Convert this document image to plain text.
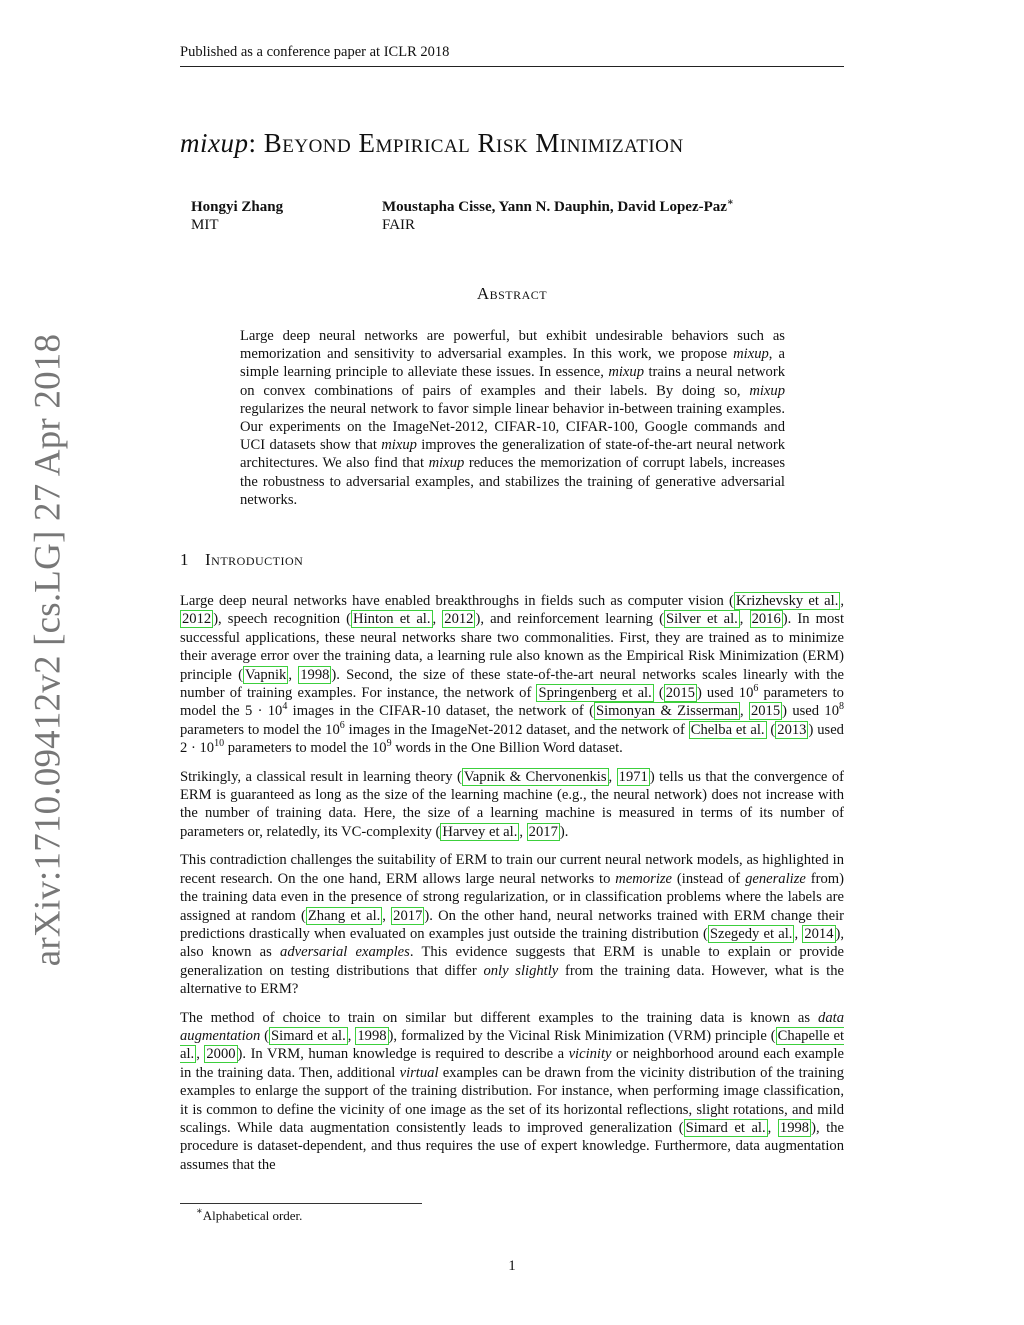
Published as a conference paper at ICLR 2018
arXiv:1710.09412v2 [cs.LG] 27 Apr 2018
mixup: Beyond Empirical Risk Minimization
Hongyi Zhang
MIT
Moustapha Cisse, Yann N. Dauphin, David Lopez-Paz∗
FAIR
Abstract

Large deep neural networks are powerful, but exhibit undesirable behaviors such as memorization and sensitivity to adversarial examples. In this work, we propose mixup, a simple learning principle to alleviate these issues. In essence, mixup trains a neural network on convex combinations of pairs of examples and their labels. By doing so, mixup regularizes the neural network to favor simple linear behavior in-between training examples. Our experiments on the ImageNet-2012, CIFAR-10, CIFAR-100, Google commands and UCI datasets show that mixup improves the generalization of state-of-the-art neural network architectures. We also find that mixup reduces the memorization of corrupt labels, increases the robustness to adversarial examples, and stabilizes the training of generative adversarial networks.

1 Introduction

Large deep neural networks have enabled breakthroughs in fields such as computer vision ( Krizhevsky et al. , 2012 ), speech recognition ( Hinton et al. , 2012 ), and reinforcement learning ( Silver et al. , 2016 ). In most successful applications, these neural networks share two commonalities. First, they are trained as to minimize their average error over the training data, a learning rule also known as the Empirical Risk Minimization (ERM) principle ( Vapnik , 1998 ). Second, the size of these state-of-the-art neural networks scales linearly with the number of training examples. For instance, the network of Springenberg et al. ( 2015 ) used $10^6$ parameters to model the $5 \cdot 10^4$ images in the CIFAR-10 dataset, the network of ( Simonyan & Zisserman , 2015 ) used $10^8$ parameters to model the $10^6$ images in the ImageNet-2012 dataset, and the network of Chelba et al. ( 2013 ) used $2 \cdot 10^{10}$ parameters to model the $10^9$ words in the One Billion Word dataset.

Strikingly, a classical result in learning theory ( Vapnik & Chervonenkis , 1971 ) tells us that the convergence of ERM is guaranteed as long as the size of the learning machine (e.g., the neural network) does not increase with the number of training data. Here, the size of a learning machine is measured in terms of its number of parameters or, relatedly, its VC-complexity ( Harvey et al. , 2017 ).

This contradiction challenges the suitability of ERM to train our current neural network models, as highlighted in recent research. On the one hand, ERM allows large neural networks to memorize (instead of generalize from) the training data even in the presence of strong regularization, or in classification problems where the labels are assigned at random ( Zhang et al. , 2017 ). On the other hand, neural networks trained with ERM change their predictions drastically when evaluated on examples just outside the training distribution ( Szegedy et al. , 2014 ), also known as adversarial examples. This evidence suggests that ERM is unable to explain or provide generalization on testing distributions that differ only slightly from the training data. However, what is the alternative to ERM?

The method of choice to train on similar but different examples to the training data is known as data augmentation ( Simard et al. , 1998 ), formalized by the Vicinal Risk Minimization (VRM) principle ( Chapelle et al. , 2000 ). In VRM, human knowledge is required to describe a vicinity or neighborhood around each example in the training data. Then, additional virtual examples can be drawn from the vicinity distribution of the training examples to enlarge the support of the training distribution. For instance, when performing image classification, it is common to define the vicinity of one image as the set of its horizontal reflections, slight rotations, and mild scalings. While data augmentation consistently leads to improved generalization ( Simard et al. , 1998 ), the procedure is dataset-dependent, and thus requires the use of expert knowledge. Furthermore, data augmentation assumes that the

∗Alphabetical order.
1
